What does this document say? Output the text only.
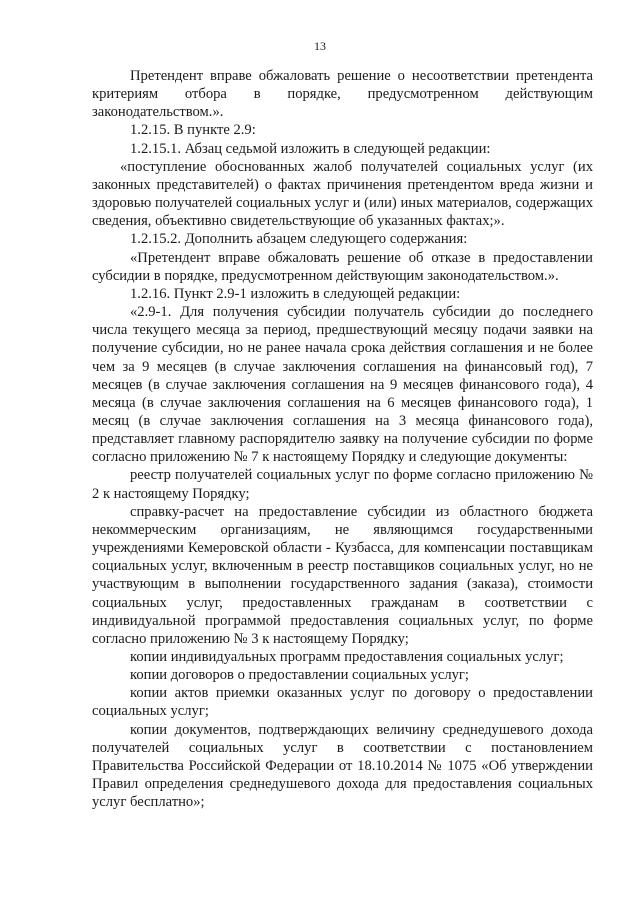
13

Претендент вправе обжаловать решение о несоответствии претендента критериям отбора в порядке, предусмотренном действующим законодательством.».

1.2.15. В пункте 2.9:

1.2.15.1. Абзац седьмой изложить в следующей редакции:

«поступление обоснованных жалоб получателей социальных услуг (их законных представителей) о фактах причинения претендентом вреда жизни и здоровью получателей социальных услуг и (или) иных материалов, содержащих сведения, объективно свидетельствующие об указанных фактах;».

1.2.15.2. Дополнить абзацем следующего содержания:

«Претендент вправе обжаловать решение об отказе в предоставлении субсидии в порядке, предусмотренном действующим законодательством.».

1.2.16. Пункт 2.9-1 изложить в следующей редакции:

«2.9-1. Для получения субсидии получатель субсидии до последнего числа текущего месяца за период, предшествующий месяцу подачи заявки на получение субсидии, но не ранее начала срока действия соглашения и не более чем за 9 месяцев (в случае заключения соглашения на финансовый год), 7 месяцев (в случае заключения соглашения на 9 месяцев финансового года), 4 месяца (в случае заключения соглашения на 6 месяцев финансового года), 1 месяц (в случае заключения соглашения на 3 месяца финансового года), представляет главному распорядителю заявку на получение субсидии по форме согласно приложению № 7 к настоящему Порядку и следующие документы:

реестр получателей социальных услуг по форме согласно приложению № 2 к настоящему Порядку;

справку-расчет на предоставление субсидии из областного бюджета некоммерческим организациям, не являющимся государственными учреждениями Кемеровской области - Кузбасса, для компенсации поставщикам социальных услуг, включенным в реестр поставщиков социальных услуг, но не участвующим в выполнении государственного задания (заказа), стоимости социальных услуг, предоставленных гражданам в соответствии с индивидуальной программой предоставления социальных услуг, по форме согласно приложению № 3 к настоящему Порядку;

копии индивидуальных программ предоставления социальных услуг;

копии договоров о предоставлении социальных услуг;

копии актов приемки оказанных услуг по договору о предоставлении социальных услуг;

копии документов, подтверждающих величину среднедушевого дохода получателей социальных услуг в соответствии с постановлением Правительства Российской Федерации от 18.10.2014 № 1075 «Об утверждении Правил определения среднедушевого дохода для предоставления социальных услуг бесплатно»;
